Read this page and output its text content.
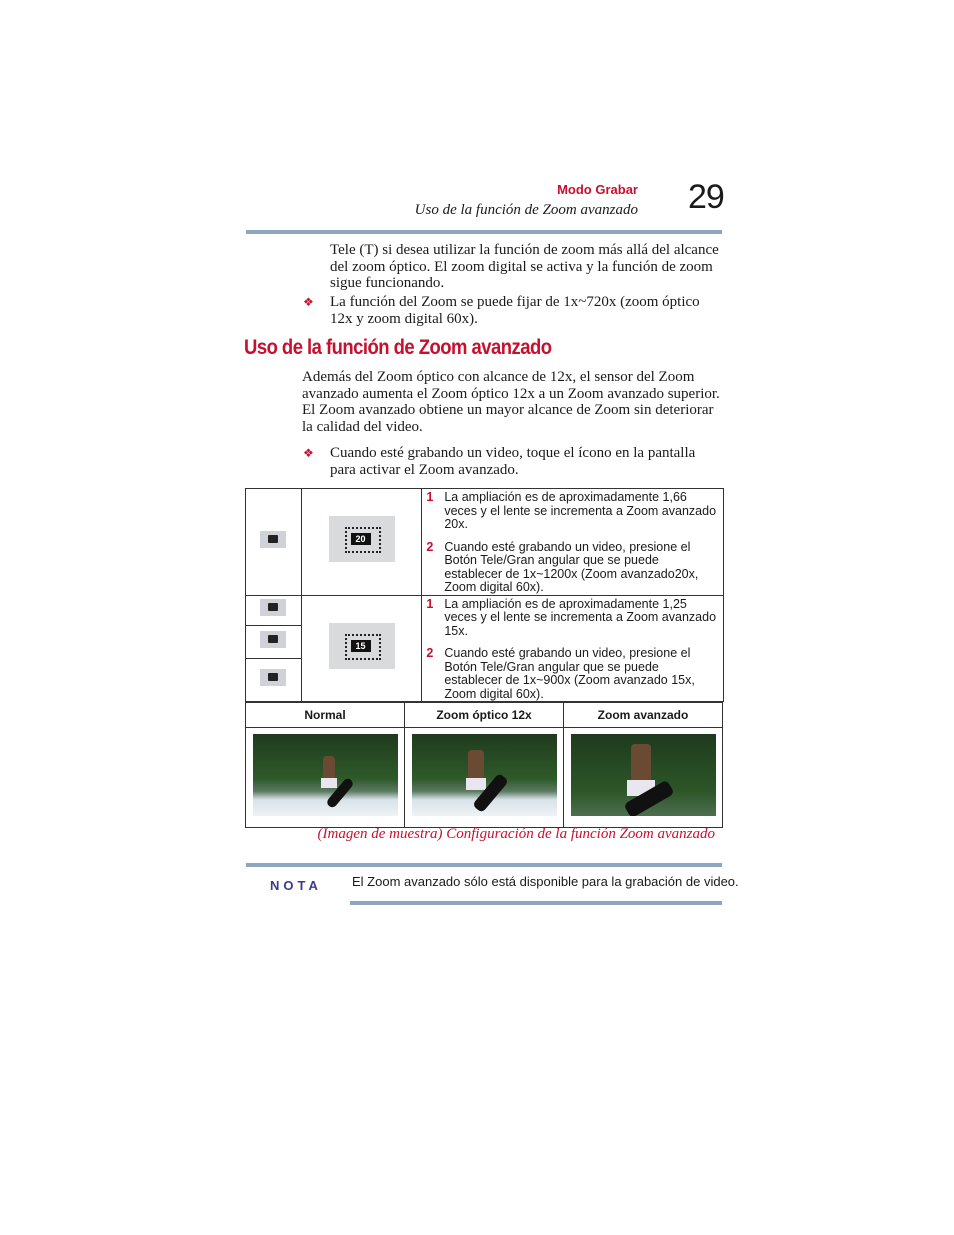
Modo Grabar
Uso de la función de Zoom avanzado 29
Tele (T) si desea utilizar la función de zoom más allá del alcance del zoom óptico. El zoom digital se activa y la función de zoom sigue funcionando.
❖ La función del Zoom se puede fijar de 1x~720x (zoom óptico 12x y zoom digital 60x).
Uso de la función de Zoom avanzado
Además del Zoom óptico con alcance de 12x, el sensor del Zoom avanzado aumenta el Zoom óptico 12x a un Zoom avanzado superior. El Zoom avanzado obtiene un mayor alcance de Zoom sin deteriorar la calidad del video.
❖ Cuando esté grabando un video, toque el ícono en la pantalla para activar el Zoom avanzado.

	20	1 La ampliación es de aproximadamente 1,66 veces y el lente se incrementa a Zoom avanzado 20x.
2 Cuando esté grabando un video, presione el Botón Tele/Gran angular que se puede establecer de 1x~1200x (Zoom avanzado20x, Zoom digital 60x).

	15	1 La ampliación es de aproximadamente 1,25 veces y el lente se incrementa a Zoom avanzado 15x.
2 Cuando esté grabando un video, presione el Botón Tele/Gran angular que se puede establecer de 1x~900x (Zoom avanzado 15x, Zoom digital 60x).

Normal	Zoom óptico 12x	Zoom avanzado

(Imagen de muestra) Configuración de la función Zoom avanzado
NOTA El Zoom avanzado sólo está disponible para la grabación de video.
